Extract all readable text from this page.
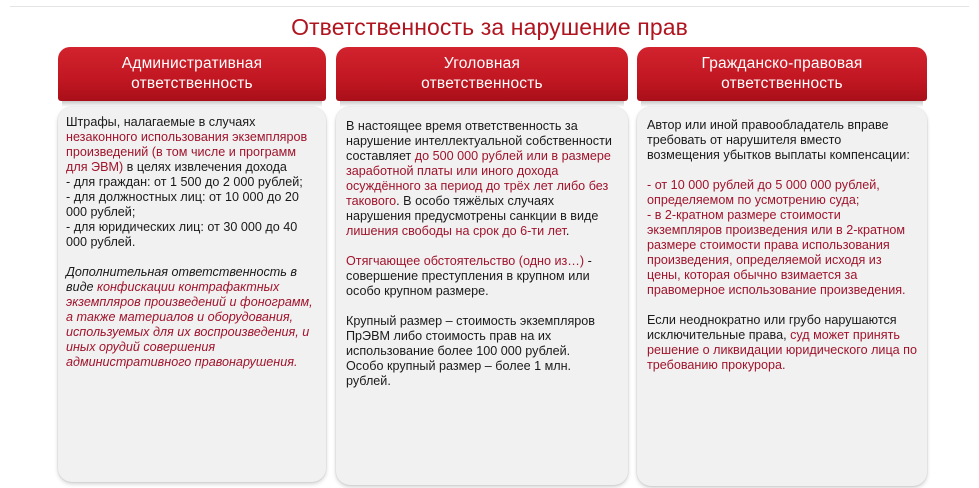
Ответственность за нарушение прав
Административная
ответственность

Штрафы, налагаемые в случаях незаконного использования экземпляров произведений (в том числе и программ для ЭВМ) в целях извлечения дохода
- для граждан: от 1 500 до 2 000 рублей;
- для должностных лиц: от 10 000 до 20 000 рублей;
- для юридических лиц: от 30 000 до 40 000 рублей.

Дополнительная ответственность в виде конфискации контрафактных экземпляров произведений и фонограмм, а также материалов и оборудования, используемых для их воспроизведения, и иных орудий совершения административного правонарушения.

Уголовная
ответственность

В настоящее время ответственность за нарушение интеллектуальной собственности составляет до 500 000 рублей или в размере заработной платы или иного дохода осуждённого за период до трёх лет либо без такового. В особо тяжёлых случаях нарушения предусмотрены санкции в виде лишения свободы на срок до 6-ти лет.

Отягчающее обстоятельство (одно из…) - совершение преступления в крупном или особо крупном размере.

Крупный размер – стоимость экземпляров ПрЭВМ либо стоимость прав на их использование более 100 000 рублей.
Особо крупный размер – более 1 млн. рублей.

Гражданско-правовая
ответственность

Автор или иной правообладатель вправе требовать от нарушителя вместо возмещения убытков выплаты компенсации:

- от 10 000 рублей до 5 000 000 рублей, определяемом по усмотрению суда;
- в 2-кратном размере стоимости экземпляров произведения или в 2-кратном размере стоимости права использования произведения, определяемой исходя из цены, которая обычно взимается за правомерное использование произведения.

Если неоднократно или грубо нарушаются исключительные права, суд может принять решение о ликвидации юридического лица по требованию прокурора.
